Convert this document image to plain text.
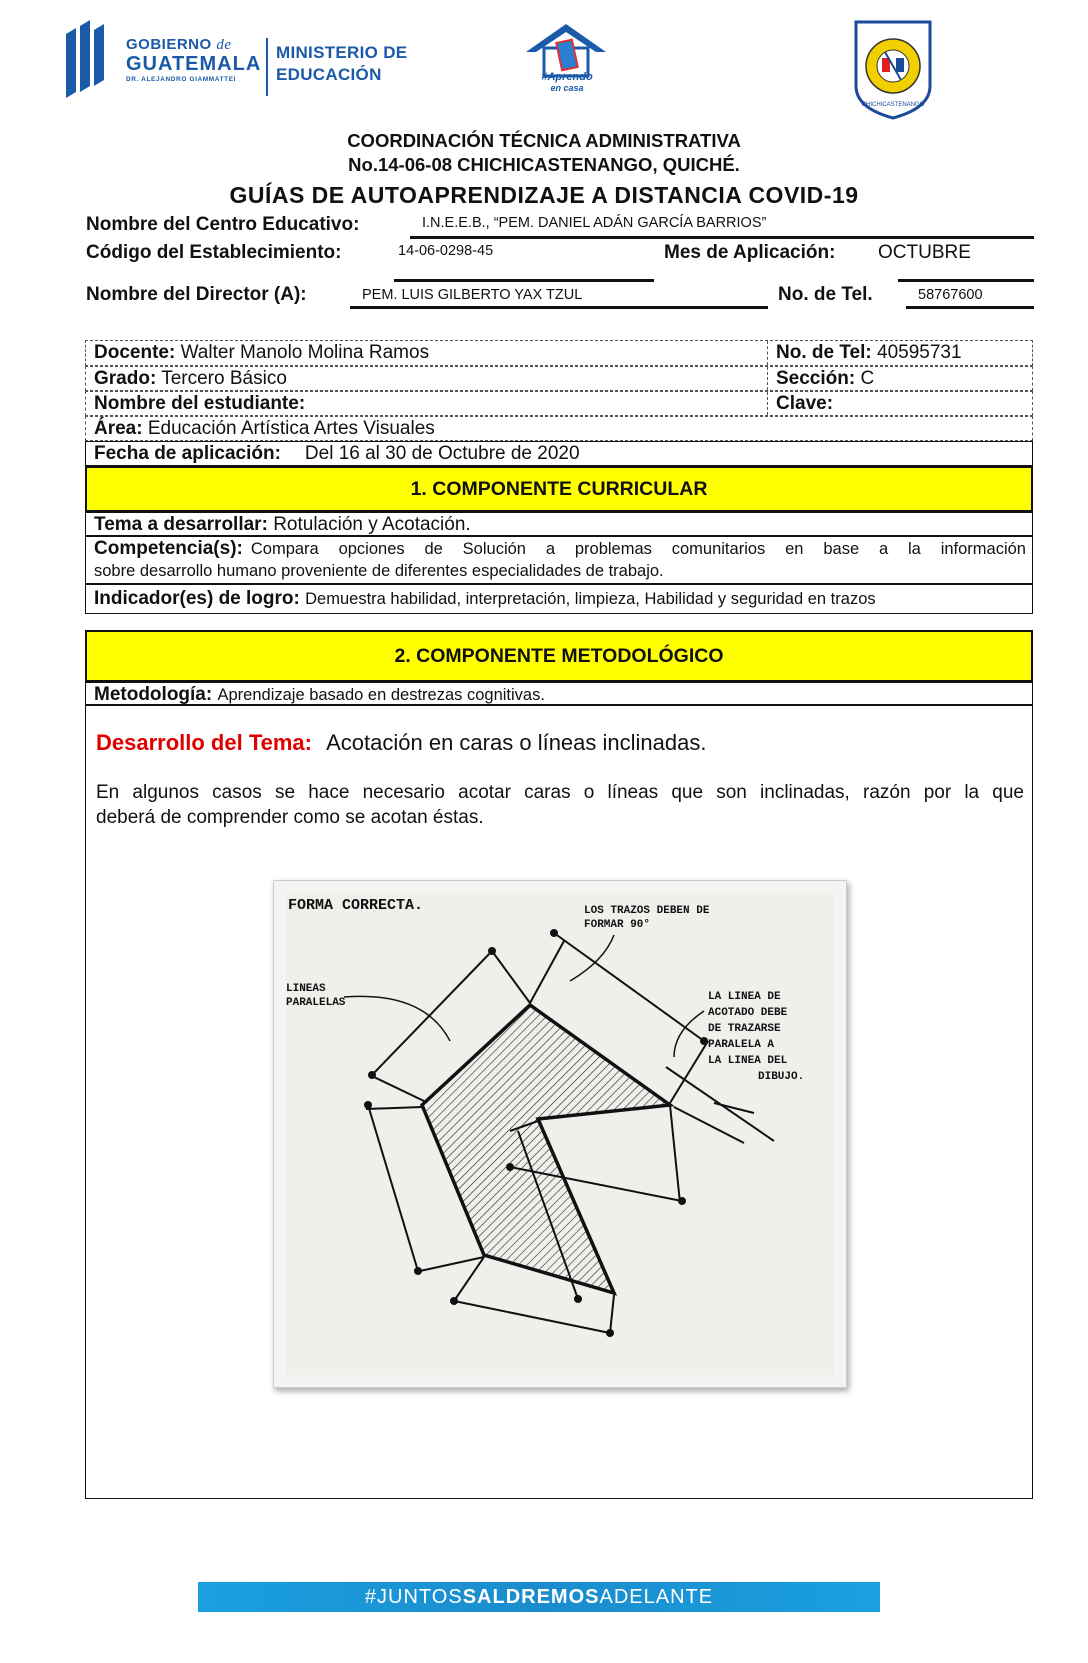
GOBIERNO de
GUATEMALA
DR. ALEJANDRO GIAMMATTEI
MINISTERIO DE
EDUCACIÓN	#Aprendo
en casa
CHICHICASTENANGO
COORDINACIÓN TÉCNICA ADMINISTRATIVA
No.14-06-08 CHICHICASTENANGO, QUICHÉ.
GUÍAS DE AUTOAPRENDIZAJE A DISTANCIA COVID-19
Nombre del Centro Educativo:	I.N.E.E.B., “PEM. DANIEL ADÁN GARCÍA BARRIOS”
Código del Establecimiento:	14-06-0298-45	Mes de Aplicación: OCTUBRE
Nombre del Director (A):	PEM. LUIS GILBERTO YAX TZUL	No. de Tel.	58767600
Docente: Walter Manolo Molina Ramos	No. de Tel: 40595731
Grado: Tercero Básico	Sección: C
Nombre del estudiante:	Clave:
Área: Educación Artística Artes Visuales
Fecha de aplicación: Del 16 al 30 de Octubre de 2020
1. COMPONENTE CURRICULAR
Tema a desarrollar: Rotulación y Acotación.
Competencia(s): Compara opciones de Solución a problemas comunitarios en base a la información
sobre desarrollo humano proveniente de diferentes especialidades de trabajo.
Indicador(es) de logro: Demuestra habilidad, interpretación, limpieza, Habilidad y seguridad en trazos
2. COMPONENTE METODOLÓGICO
Metodología: Aprendizaje basado en destrezas cognitivas.
Desarrollo del Tema: Acotación en caras o líneas inclinadas.
En algunos casos se hace necesario acotar caras o líneas que son inclinadas, razón por la que
deberá de comprender como se acotan éstas.
FORMA CORRECTA.	LOS TRAZOS DEBEN DE
FORMAR 90°
LINEAS
PARALELAS	LA LINEA DE
ACOTADO DEBE
DE TRAZARSE
PARALELA A
LA LINEA DEL
DIBUJO.
#JUNTOSSALDREMOSADELANTE
